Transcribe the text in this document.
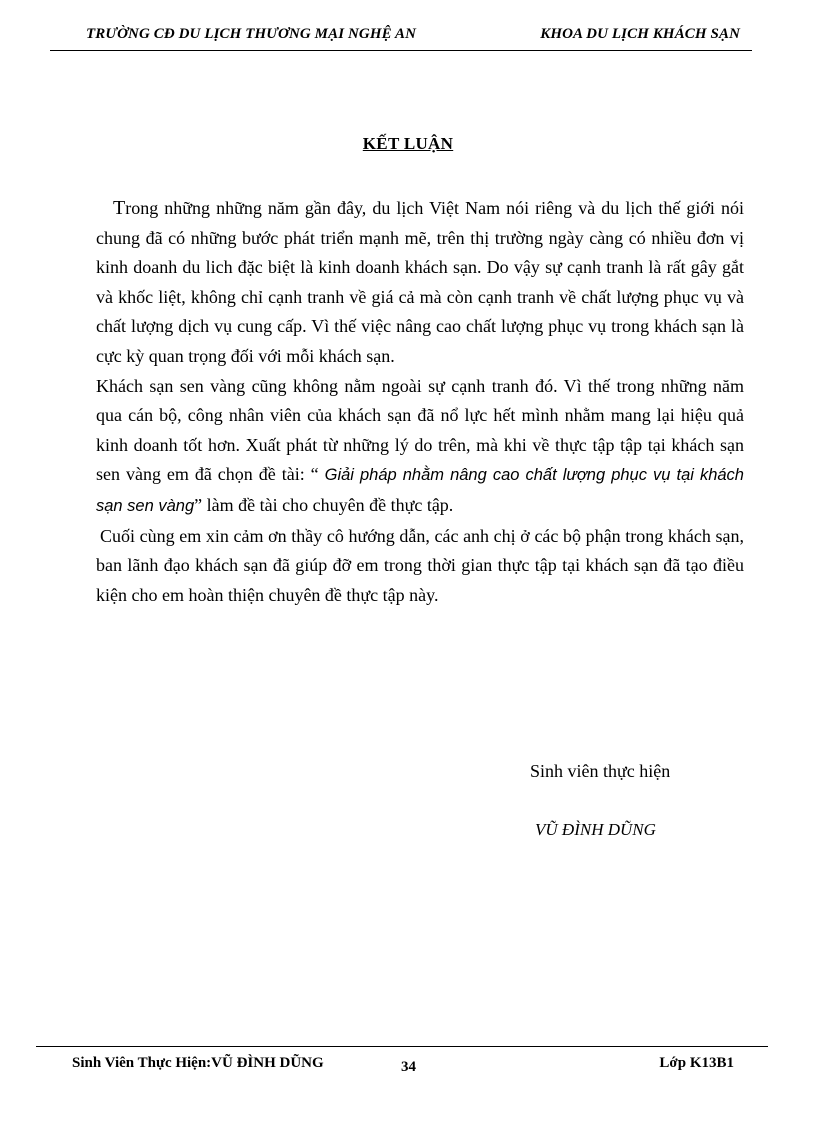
TRƯỜNG CĐ DU LỊCH THƯƠNG MẠI NGHỆ AN	KHOA DU LỊCH KHÁCH SẠN
KẾT LUẬN

Trong những những năm gần đây, du lịch Việt Nam nói riêng và du lịch thế giới nói chung đã có những bước phát triển mạnh mẽ, trên thị trường ngày càng có nhiều đơn vị kinh doanh du lich đặc biệt là kinh doanh khách sạn. Do vậy sự cạnh tranh là rất gây gắt và khốc liệt, không chỉ cạnh tranh về giá cả mà còn cạnh tranh về chất lượng phục vụ và chất lượng dịch vụ cung cấp. Vì thế việc nâng cao chất lượng phục vụ trong khách sạn là cực kỳ quan trọng đối với mỗi khách sạn.

Khách sạn sen vàng cũng không nằm ngoài sự cạnh tranh đó. Vì thế trong những năm qua cán bộ, công nhân viên của khách sạn đã nổ lực hết mình nhằm mang lại hiệu quả kinh doanh tốt hơn. Xuất phát từ những lý do trên, mà khi về thực tập tập tại khách sạn sen vàng em đã chọn đề tài: “ Giải pháp nhằm nâng cao chất lượng phục vụ tại khách sạn sen vàng” làm đề tài cho chuyên đề thực tập.

Cuối cùng em xin cảm ơn thầy cô hướng dẫn, các anh chị ở các bộ phận trong khách sạn, ban lãnh đạo khách sạn đã giúp đỡ em trong thời gian thực tập tại khách sạn đã tạo điều kiện cho em hoàn thiện chuyên đề thực tập này.

Sinh viên thực hiện
VŨ ĐÌNH DŨNG
Sinh Viên Thực Hiện:VŨ ĐÌNH DŨNG	34	Lớp K13B1
